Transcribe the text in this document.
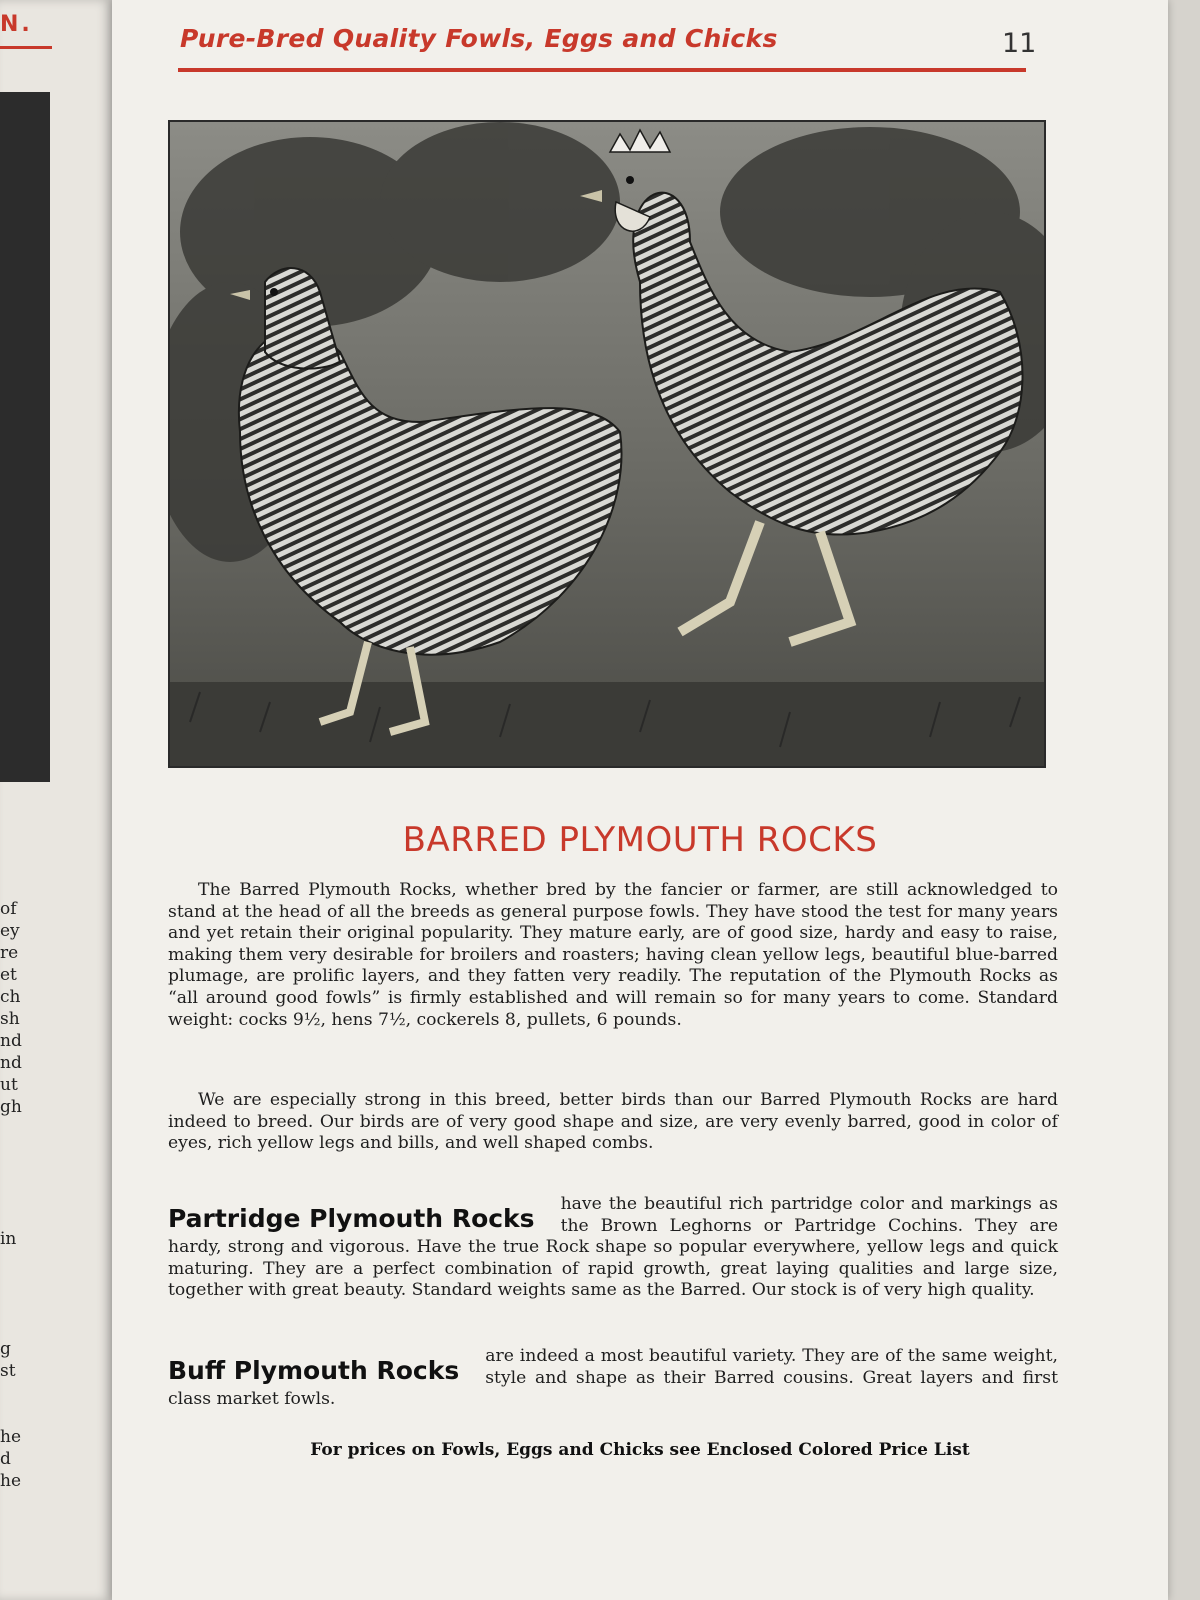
N.
of
ey
re
et
ch
sh
nd
nd
ut
gh
in
g
st
he
d
he
Pure-Bred Quality Fowls, Eggs and Chicks	11
BARRED PLYMOUTH ROCKS
The Barred Plymouth Rocks, whether bred by the fancier or farmer, are still acknowledged to stand at the head of all the breeds as general purpose fowls. They have stood the test for many years and yet retain their original popularity. They mature early, are of good size, hardy and easy to raise, making them very desirable for broilers and roasters; having clean yellow legs, beautiful blue-barred plumage, are prolific layers, and they fatten very readily. The reputation of the Plymouth Rocks as “all around good fowls” is firmly established and will remain so for many years to come. Standard weight: cocks 9½, hens 7½, cockerels 8, pullets, 6 pounds.
We are especially strong in this breed, better birds than our Barred Plymouth Rocks are hard indeed to breed. Our birds are of very good shape and size, are very evenly barred, good in color of eyes, rich yellow legs and bills, and well shaped combs.
Partridge Plymouth Rocks have the beautiful rich partridge color and markings as the Brown Leghorns or Partridge Cochins. They are hardy, strong and vigorous. Have the true Rock shape so popular everywhere, yellow legs and quick maturing. They are a perfect combination of rapid growth, great laying qualities and large size, together with great beauty. Standard weights same as the Barred. Our stock is of very high quality.
Buff Plymouth Rocks are indeed a most beautiful variety. They are of the same weight, style and shape as their Barred cousins. Great layers and first class market fowls.
For prices on Fowls, Eggs and Chicks see Enclosed Colored Price List
